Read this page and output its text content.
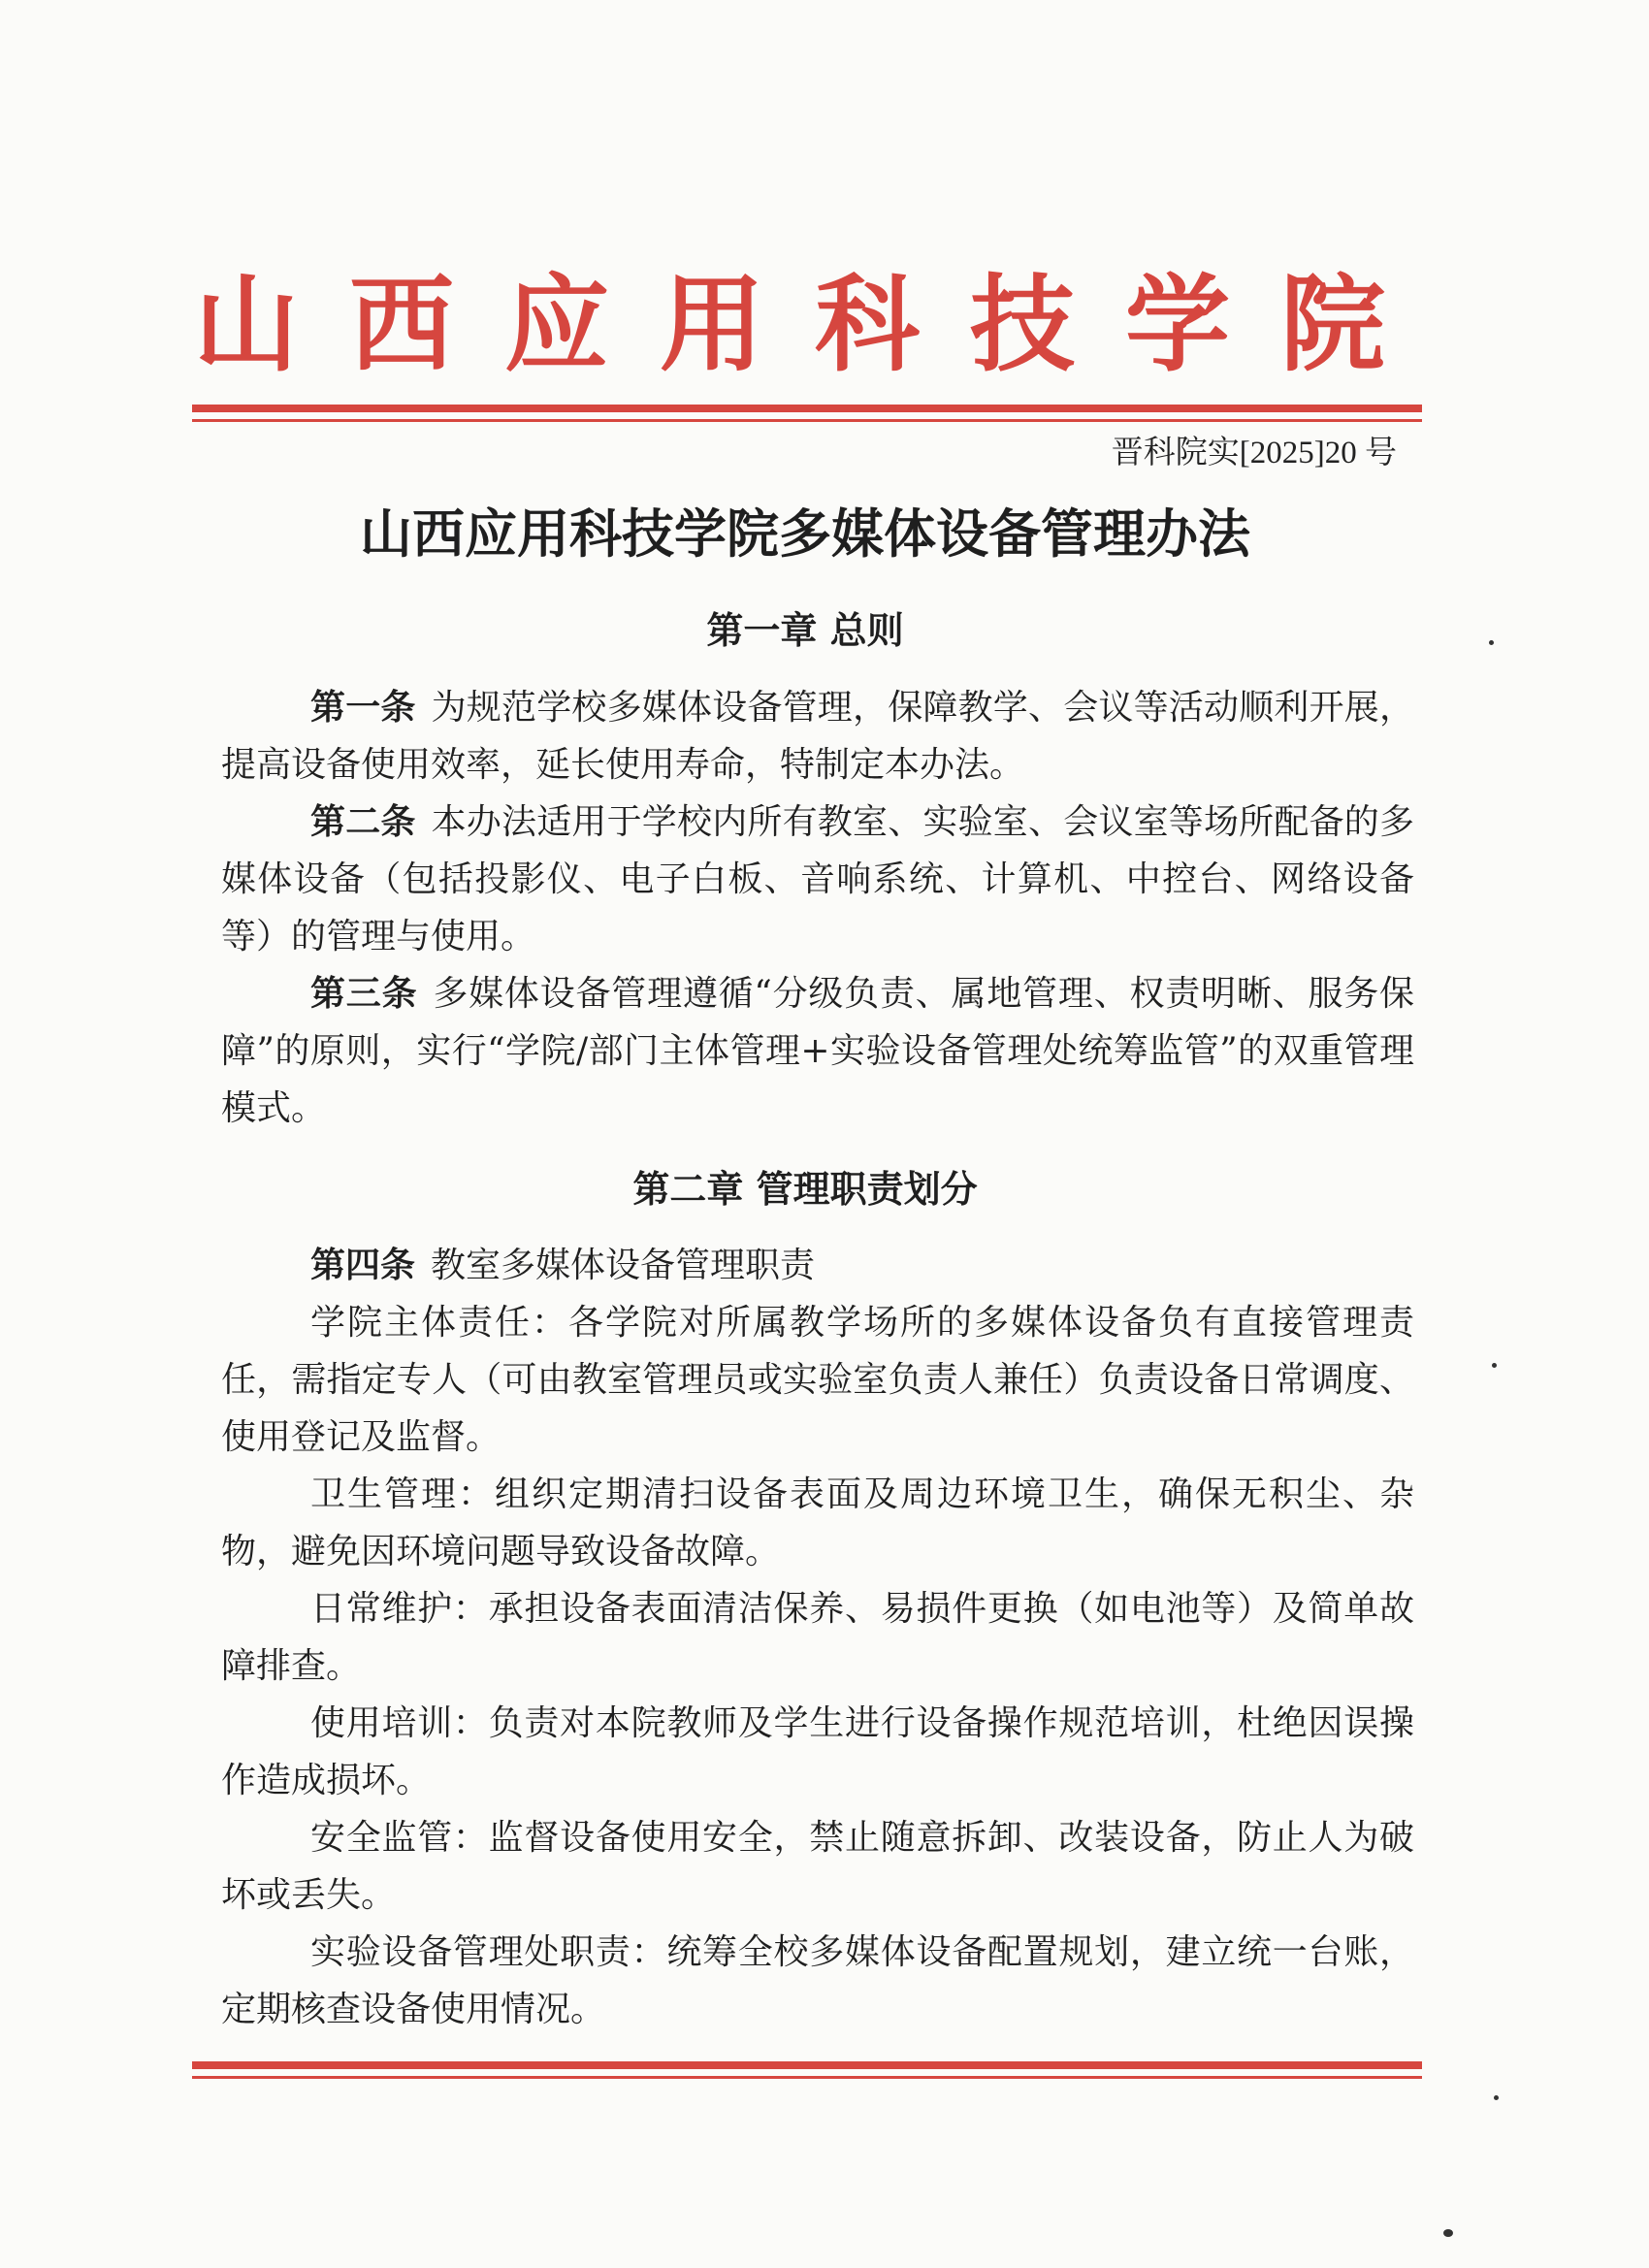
山西应用科技学院
晋科院实[2025]20 号
山西应用科技学院多媒体设备管理办法
第一章 总则

第一条 为规范学校多媒体设备管理，保障教学、会议等活动顺利开展，提高设备使用效率，延长使用寿命，特制定本办法。

第二条 本办法适用于学校内所有教室、实验室、会议室等场所配备的多媒体设备（包括投影仪、电子白板、音响系统、计算机、中控台、网络设备等）的管理与使用。

第三条 多媒体设备管理遵循“分级负责、属地管理、权责明晰、服务保障”的原则，实行“学院/部门主体管理+实验设备管理处统筹监管”的双重管理模式。

第二章 管理职责划分

第四条 教室多媒体设备管理职责

学院主体责任：各学院对所属教学场所的多媒体设备负有直接管理责任，需指定专人（可由教室管理员或实验室负责人兼任）负责设备日常调度、使用登记及监督。

卫生管理：组织定期清扫设备表面及周边环境卫生，确保无积尘、杂物，避免因环境问题导致设备故障。

日常维护：承担设备表面清洁保养、易损件更换（如电池等）及简单故障排查。

使用培训：负责对本院教师及学生进行设备操作规范培训，杜绝因误操作造成损坏。

安全监管：监督设备使用安全，禁止随意拆卸、改装设备，防止人为破坏或丢失。

实验设备管理处职责：统筹全校多媒体设备配置规划，建立统一台账，定期核查设备使用情况。
